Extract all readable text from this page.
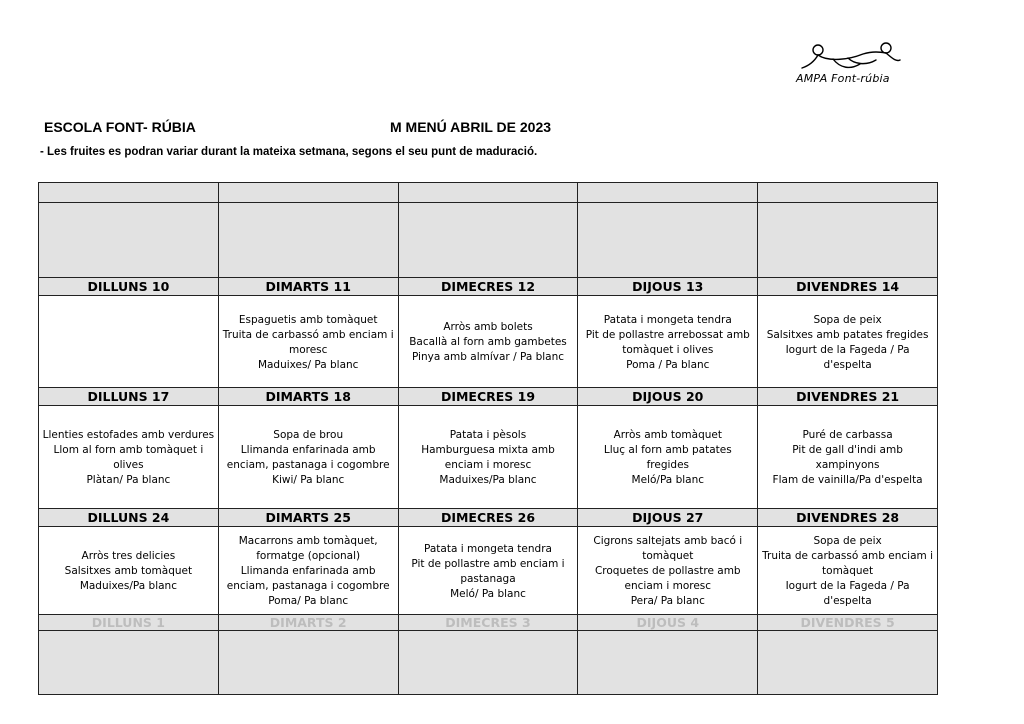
AMPA Font-rúbia
ESCOLA FONT- RÚBIA	M MENÚ ABRIL DE 2023
- Les fruites es podran variar durant la mateixa setmana, segons el seu punt de maduració.

DILLUNS 10	DIMARTS 11	DIMECRES 12	DIJOUS 13	DIVENDRES 14

	Espaguetis amb tomàquet
Truita de carbassó amb enciam i moresc
Maduixes/ Pa blanc	Arròs amb bolets
Bacallà al forn amb gambetes
Pinya amb almívar / Pa blanc	Patata i mongeta tendra
Pit de pollastre arrebossat amb tomàquet i olives
Poma / Pa blanc	Sopa de peix
Salsitxes amb patates fregides
Iogurt de la Fageda / Pa d'espelta

DILLUNS 17	DIMARTS 18	DIMECRES 19	DIJOUS 20	DIVENDRES 21

Llenties estofades amb verdures
Llom al forn amb tomàquet i olives
Plàtan/ Pa blanc	Sopa de brou
Llimanda enfarinada amb enciam, pastanaga i cogombre
Kiwi/ Pa blanc	Patata i pèsols
Hamburguesa mixta amb enciam i moresc
Maduixes/Pa blanc	Arròs amb tomàquet
Lluç al forn amb patates fregides
Meló/Pa blanc	Puré de carbassa
Pit de gall d'indi amb xampinyons
Flam de vainilla/Pa d'espelta

DILLUNS 24	DIMARTS 25	DIMECRES 26	DIJOUS 27	DIVENDRES 28

Arròs tres delicies
Salsitxes amb tomàquet
Maduixes/Pa blanc	Macarrons amb tomàquet, formatge (opcional)
Llimanda enfarinada amb enciam, pastanaga i cogombre
Poma/ Pa blanc	Patata i mongeta tendra
Pit de pollastre amb enciam i pastanaga
Meló/ Pa blanc	Cigrons saltejats amb bacó i tomàquet
Croquetes de pollastre amb enciam i moresc
Pera/ Pa blanc	Sopa de peix
Truita de carbassó amb enciam i tomàquet
Iogurt de la Fageda / Pa d'espelta

DILLUNS 1	DIMARTS 2	DIMECRES 3	DIJOUS 4	DIVENDRES 5
